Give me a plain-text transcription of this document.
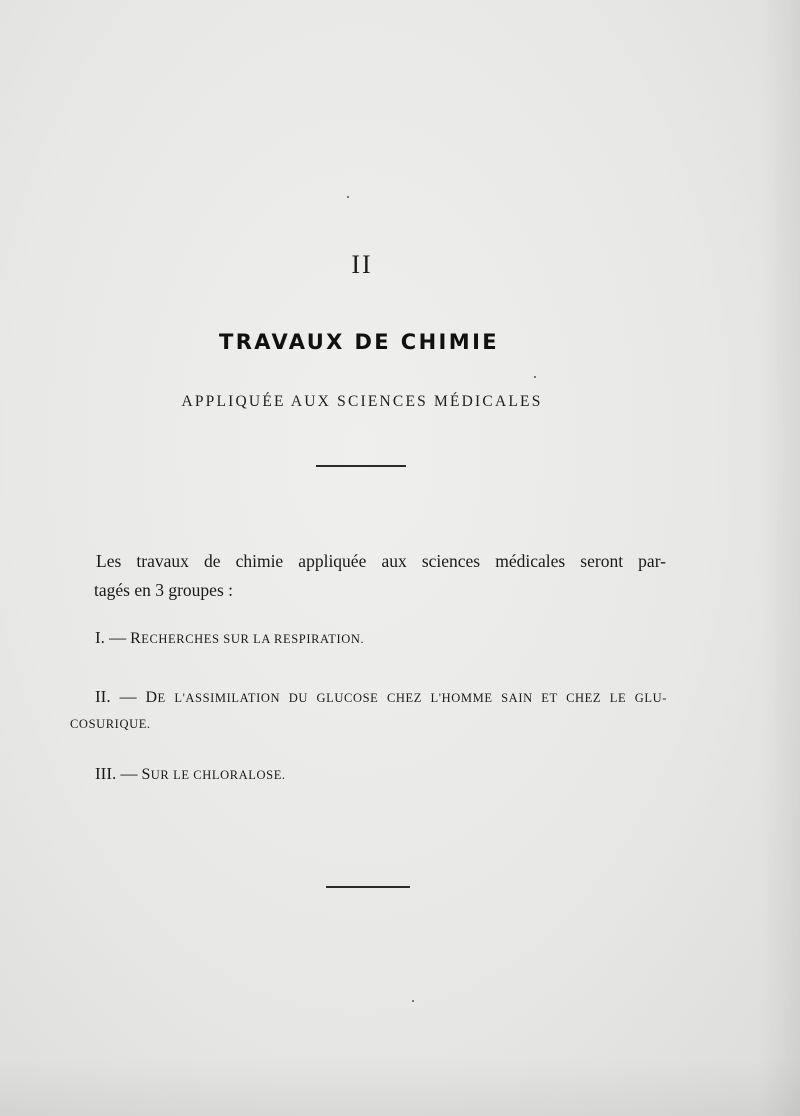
II
TRAVAUX DE CHIMIE
APPLIQUÉE AUX SCIENCES MÉDICALES
Les travaux de chimie appliquée aux sciences médicales seront par-
tagés en 3 groupes :
I. — RECHERCHES SUR LA RESPIRATION.
II. — DE L'ASSIMILATION DU GLUCOSE CHEZ L'HOMME SAIN ET CHEZ LE GLU-
COSURIQUE.
III. — SUR LE CHLORALOSE.
